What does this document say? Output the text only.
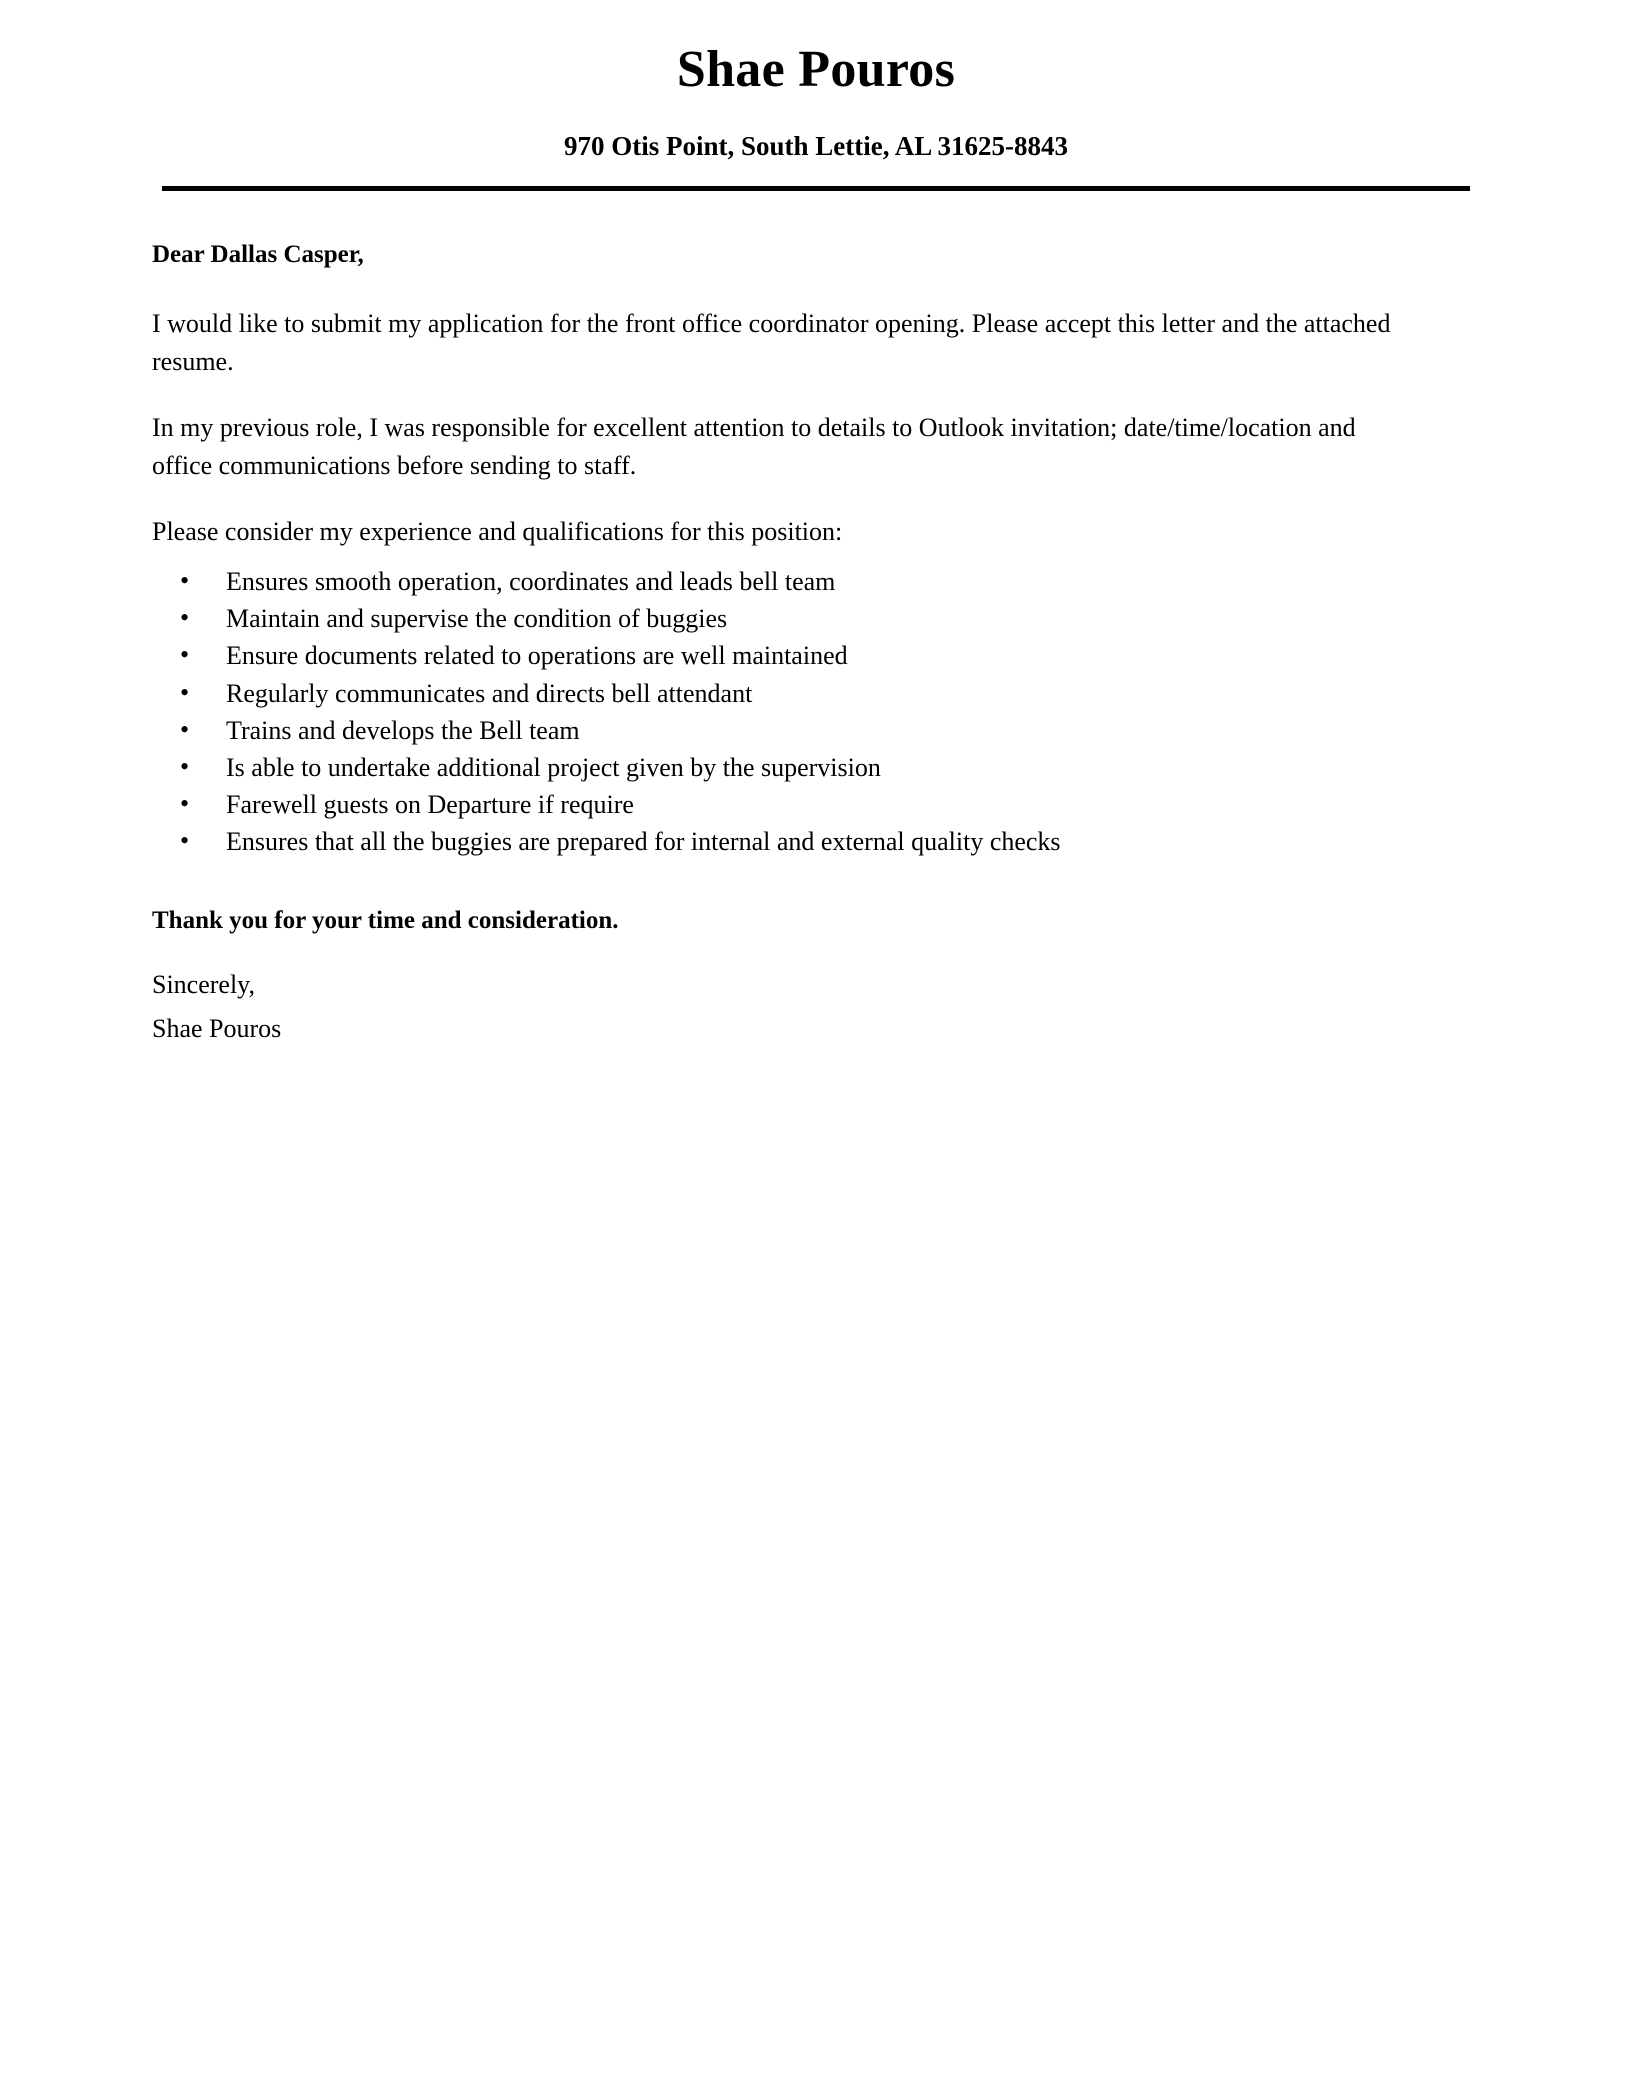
Shae Pouros

970 Otis Point, South Lettie, AL 31625-8843

Dear Dallas Casper,

I would like to submit my application for the front office coordinator opening. Please accept this letter and the attached resume.

In my previous role, I was responsible for excellent attention to details to Outlook invitation; date/time/location and office communications before sending to staff.

Please consider my experience and qualifications for this position:

• Ensures smooth operation, coordinates and leads bell team
• Maintain and supervise the condition of buggies
• Ensure documents related to operations are well maintained
• Regularly communicates and directs bell attendant
• Trains and develops the Bell team
• Is able to undertake additional project given by the supervision
• Farewell guests on Departure if require
• Ensures that all the buggies are prepared for internal and external quality checks

Thank you for your time and consideration.

Sincerely,
Shae Pouros
